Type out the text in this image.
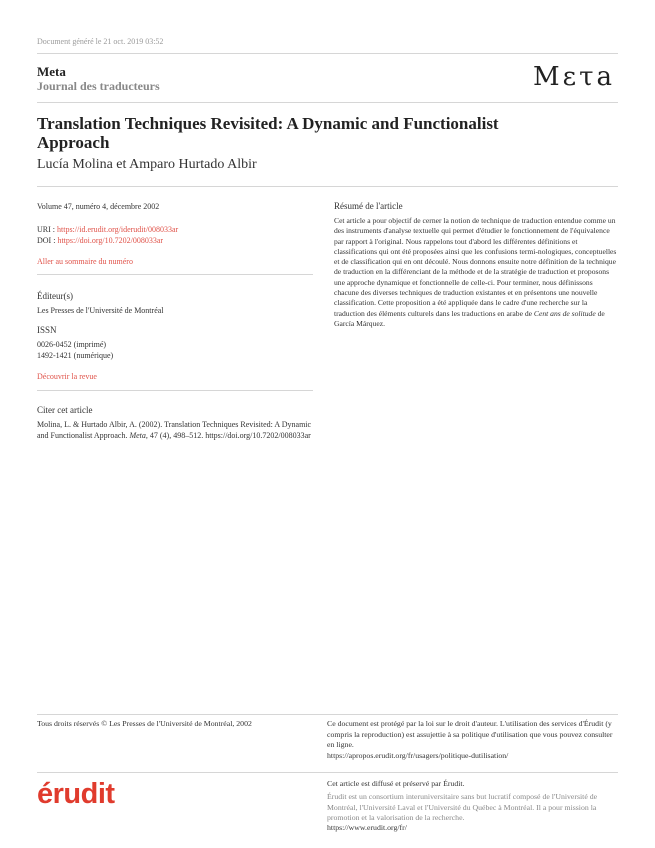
Document généré le 21 oct. 2019 03:52
Meta
Journal des traducteurs	Mετa
Translation Techniques Revisited: A Dynamic and Functionalist Approach
Lucía Molina et Amparo Hurtado Albir
Volume 47, numéro 4, décembre 2002
URI : https://id.erudit.org/iderudit/008033ar
DOI : https://doi.org/10.7202/008033ar
Aller au sommaire du numéro
Éditeur(s)
Les Presses de l'Université de Montréal
ISSN
0026-0452 (imprimé)
1492-1421 (numérique)
Découvrir la revue
Citer cet article
Molina, L. & Hurtado Albir, A. (2002). Translation Techniques Revisited: A Dynamic and Functionalist Approach. Meta, 47 (4), 498–512. https://doi.org/10.7202/008033ar
Résumé de l'article
Cet article a pour objectif de cerner la notion de technique de traduction entendue comme un des instruments d'analyse textuelle qui permet d'étudier le fonctionnement de l'équivalence par rapport à l'original. Nous rappelons tout d'abord les différentes définitions et classifications qui ont été proposées ainsi que les confusions termi-nologiques, conceptuelles et de classification qui en ont découlé. Nous donnons ensuite notre définition de la technique de traduction en la différenciant de la méthode et de la stratégie de traduction et proposons une approche dynamique et fonctionnelle de celle-ci. Pour terminer, nous définissons chacune des diverses techniques de traduction existantes et en présentons une nouvelle classification. Cette proposition a été appliquée dans le cadre d'une recherche sur la traduction des éléments culturels dans les traductions en arabe de Cent ans de solitude de García Márquez.
Tous droits réservés © Les Presses de l'Université de Montréal, 2002	Ce document est protégé par la loi sur le droit d'auteur. L'utilisation des services d'Érudit (y compris la reproduction) est assujettie à sa politique d'utilisation que vous pouvez consulter en ligne.
https://apropos.erudit.org/fr/usagers/politique-dutilisation/
érudit	Cet article est diffusé et préservé par Érudit.
Érudit est un consortium interuniversitaire sans but lucratif composé de l'Université de Montréal, l'Université Laval et l'Université du Québec à Montréal. Il a pour mission la promotion et la valorisation de la recherche.
https://www.erudit.org/fr/
